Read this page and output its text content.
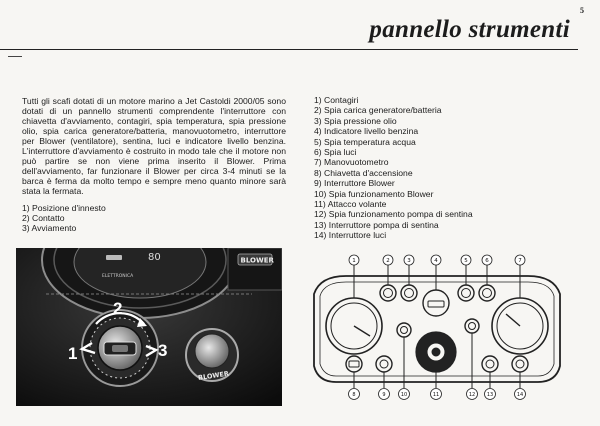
5
pannello strumenti

Tutti gli scafi dotati di un motore marino a Jet Castoldi 2000/05 sono dotati di un pannello strumenti comprendente l'interruttore con chiavetta d'avviamento, contagiri, spia temperatura, spia pressione olio, spia carica generatore/batteria, manovuotometro, interruttore per Blower (ventilatore), sentina, luci e indicatore livello benzina. L'interruttore d'avviamento è costruito in modo tale che il motore non può partire se non viene prima inserito il Blower. Prima dell'avviamento, far funzionare il Blower per circa 3-4 minuti se la barca è ferma da molto tempo e sempre meno quanto minore sarà stata la fermata.

1) Posizione d'innesto
2) Contatto
3) Avviamento
1) Contagiri
2) Spia carica generatore/batteria
3) Spia pressione olio
4) Indicatore livello benzina
5) Spia temperatura acqua
6) Spia luci
7) Manovuotometro
8) Chiavetta d'accensione
9) Interruttore Blower
10) Spia funzionamento Blower
11) Attacco volante
12) Spia funzionamento pompa di sentina
13) Interruttore pompa di sentina
14) Interruttore luci
80
ELETTRONICA
BLOWER
2
1	3
BLOWER
1	2	3	4	5	6	7
8	9	10	11	12 13	14
